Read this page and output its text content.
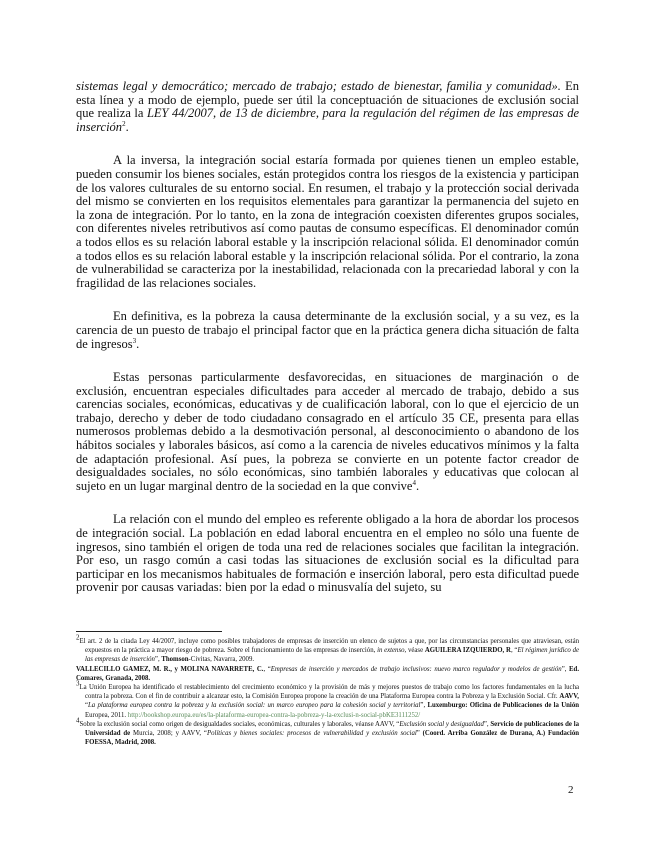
sistemas legal y democrático; mercado de trabajo; estado de bienestar, familia y comunidad». En esta línea y a modo de ejemplo, puede ser útil la conceptuación de situaciones de exclusión social que realiza la LEY 44/2007, de 13 de diciembre, para la regulación del régimen de las empresas de inserción$^2$.

A la inversa, la integración social estaría formada por quienes tienen un empleo estable, pueden consumir los bienes sociales, están protegidos contra los riesgos de la existencia y participan de los valores culturales de su entorno social. En resumen, el trabajo y la protección social derivada del mismo se convierten en los requisitos elementales para garantizar la permanencia del sujeto en la zona de integración. Por lo tanto, en la zona de integración coexisten diferentes grupos sociales, con diferentes niveles retributivos así como pautas de consumo específicas. El denominador común a todos ellos es su relación laboral estable y la inscripción relacional sólida. El denominador común a todos ellos es su relación laboral estable y la inscripción relacional sólida. Por el contrario, la zona de vulnerabilidad se caracteriza por la inestabilidad, relacionada con la precariedad laboral y con la fragilidad de las relaciones sociales.

En definitiva, es la pobreza la causa determinante de la exclusión social, y a su vez, es la carencia de un puesto de trabajo el principal factor que en la práctica genera dicha situación de falta de ingresos$^3$.

Estas personas particularmente desfavorecidas, en situaciones de marginación o de exclusión, encuentran especiales dificultades para acceder al mercado de trabajo, debido a sus carencias sociales, económicas, educativas y de cualificación laboral, con lo que el ejercicio de un trabajo, derecho y deber de todo ciudadano consagrado en el artículo 35 CE, presenta para ellas numerosos problemas debido a la desmotivación personal, al desconocimiento o abandono de los hábitos sociales y laborales básicos, así como a la carencia de niveles educativos mínimos y la falta de adaptación profesional. Así pues, la pobreza se convierte en un potente factor creador de desigualdades sociales, no sólo económicas, sino también laborales y educativas que colocan al sujeto en un lugar marginal dentro de la sociedad en la que convive$^4$.

La relación con el mundo del empleo es referente obligado a la hora de abordar los procesos de integración social. La población en edad laboral encuentra en el empleo no sólo una fuente de ingresos, sino también el origen de toda una red de relaciones sociales que facilitan la integración. Por eso, un rasgo común a casi todas las situaciones de exclusión social es la dificultad para participar en los mecanismos habituales de formación e inserción laboral, pero esta dificultad puede provenir por causas variadas: bien por la edad o minusvalía del sujeto, su

$^2$El art. 2 de la citada Ley 44/2007, incluye como posibles trabajadores de empresas de inserción un elenco de sujetos a que, por las circunstancias personales que atraviesan, están expuestos en la práctica a mayor riesgo de pobreza. Sobre el funcionamiento de las empresas de inserción, in extenso, véase AGUILERA IZQUIERDO, R, “El régimen jurídico de las empresas de inserción”, Thomson-Civitas, Navarra, 2009.

VALLECILLO GAMEZ, M. R., y MOLINA NAVARRETE, C., “Empresas de inserción y mercados de trabajo inclusivos: nuevo marco regulador y modelos de gestión”, Ed. Comares, Granada, 2008.

$^3$La Unión Europea ha identificado el restablecimiento del crecimiento económico y la provisión de más y mejores puestos de trabajo como los factores fundamentales en la lucha contra la pobreza. Con el fin de contribuir a alcanzar esto, la Comisión Europea propone la creación de una Plataforma Europea contra la Pobreza y la Exclusión Social. Cfr. AAVV, “La plataforma europea contra la pobreza y la exclusión social: un marco europeo para la cohesión social y territorial”, Luxemburgo: Oficina de Publicaciones de la Unión Europea, 2011. http://bookshop.europa.eu/es/la-plataforma-europea-contra-la-pobreza-y-la-exclusi-n-social-pbKE3111252/

$^4$Sobre la exclusión social como origen de desigualdades sociales, económicas, culturales y laborales, véanse AAVV, “Exclusión social y desigualdad”, Servicio de publicaciones de la Universidad de Murcia, 2008; y AAVV, “Políticas y bienes sociales: procesos de vulnerabilidad y exclusión social” (Coord. Arriba González de Durana, A.) Fundación FOESSA, Madrid, 2008.

2
